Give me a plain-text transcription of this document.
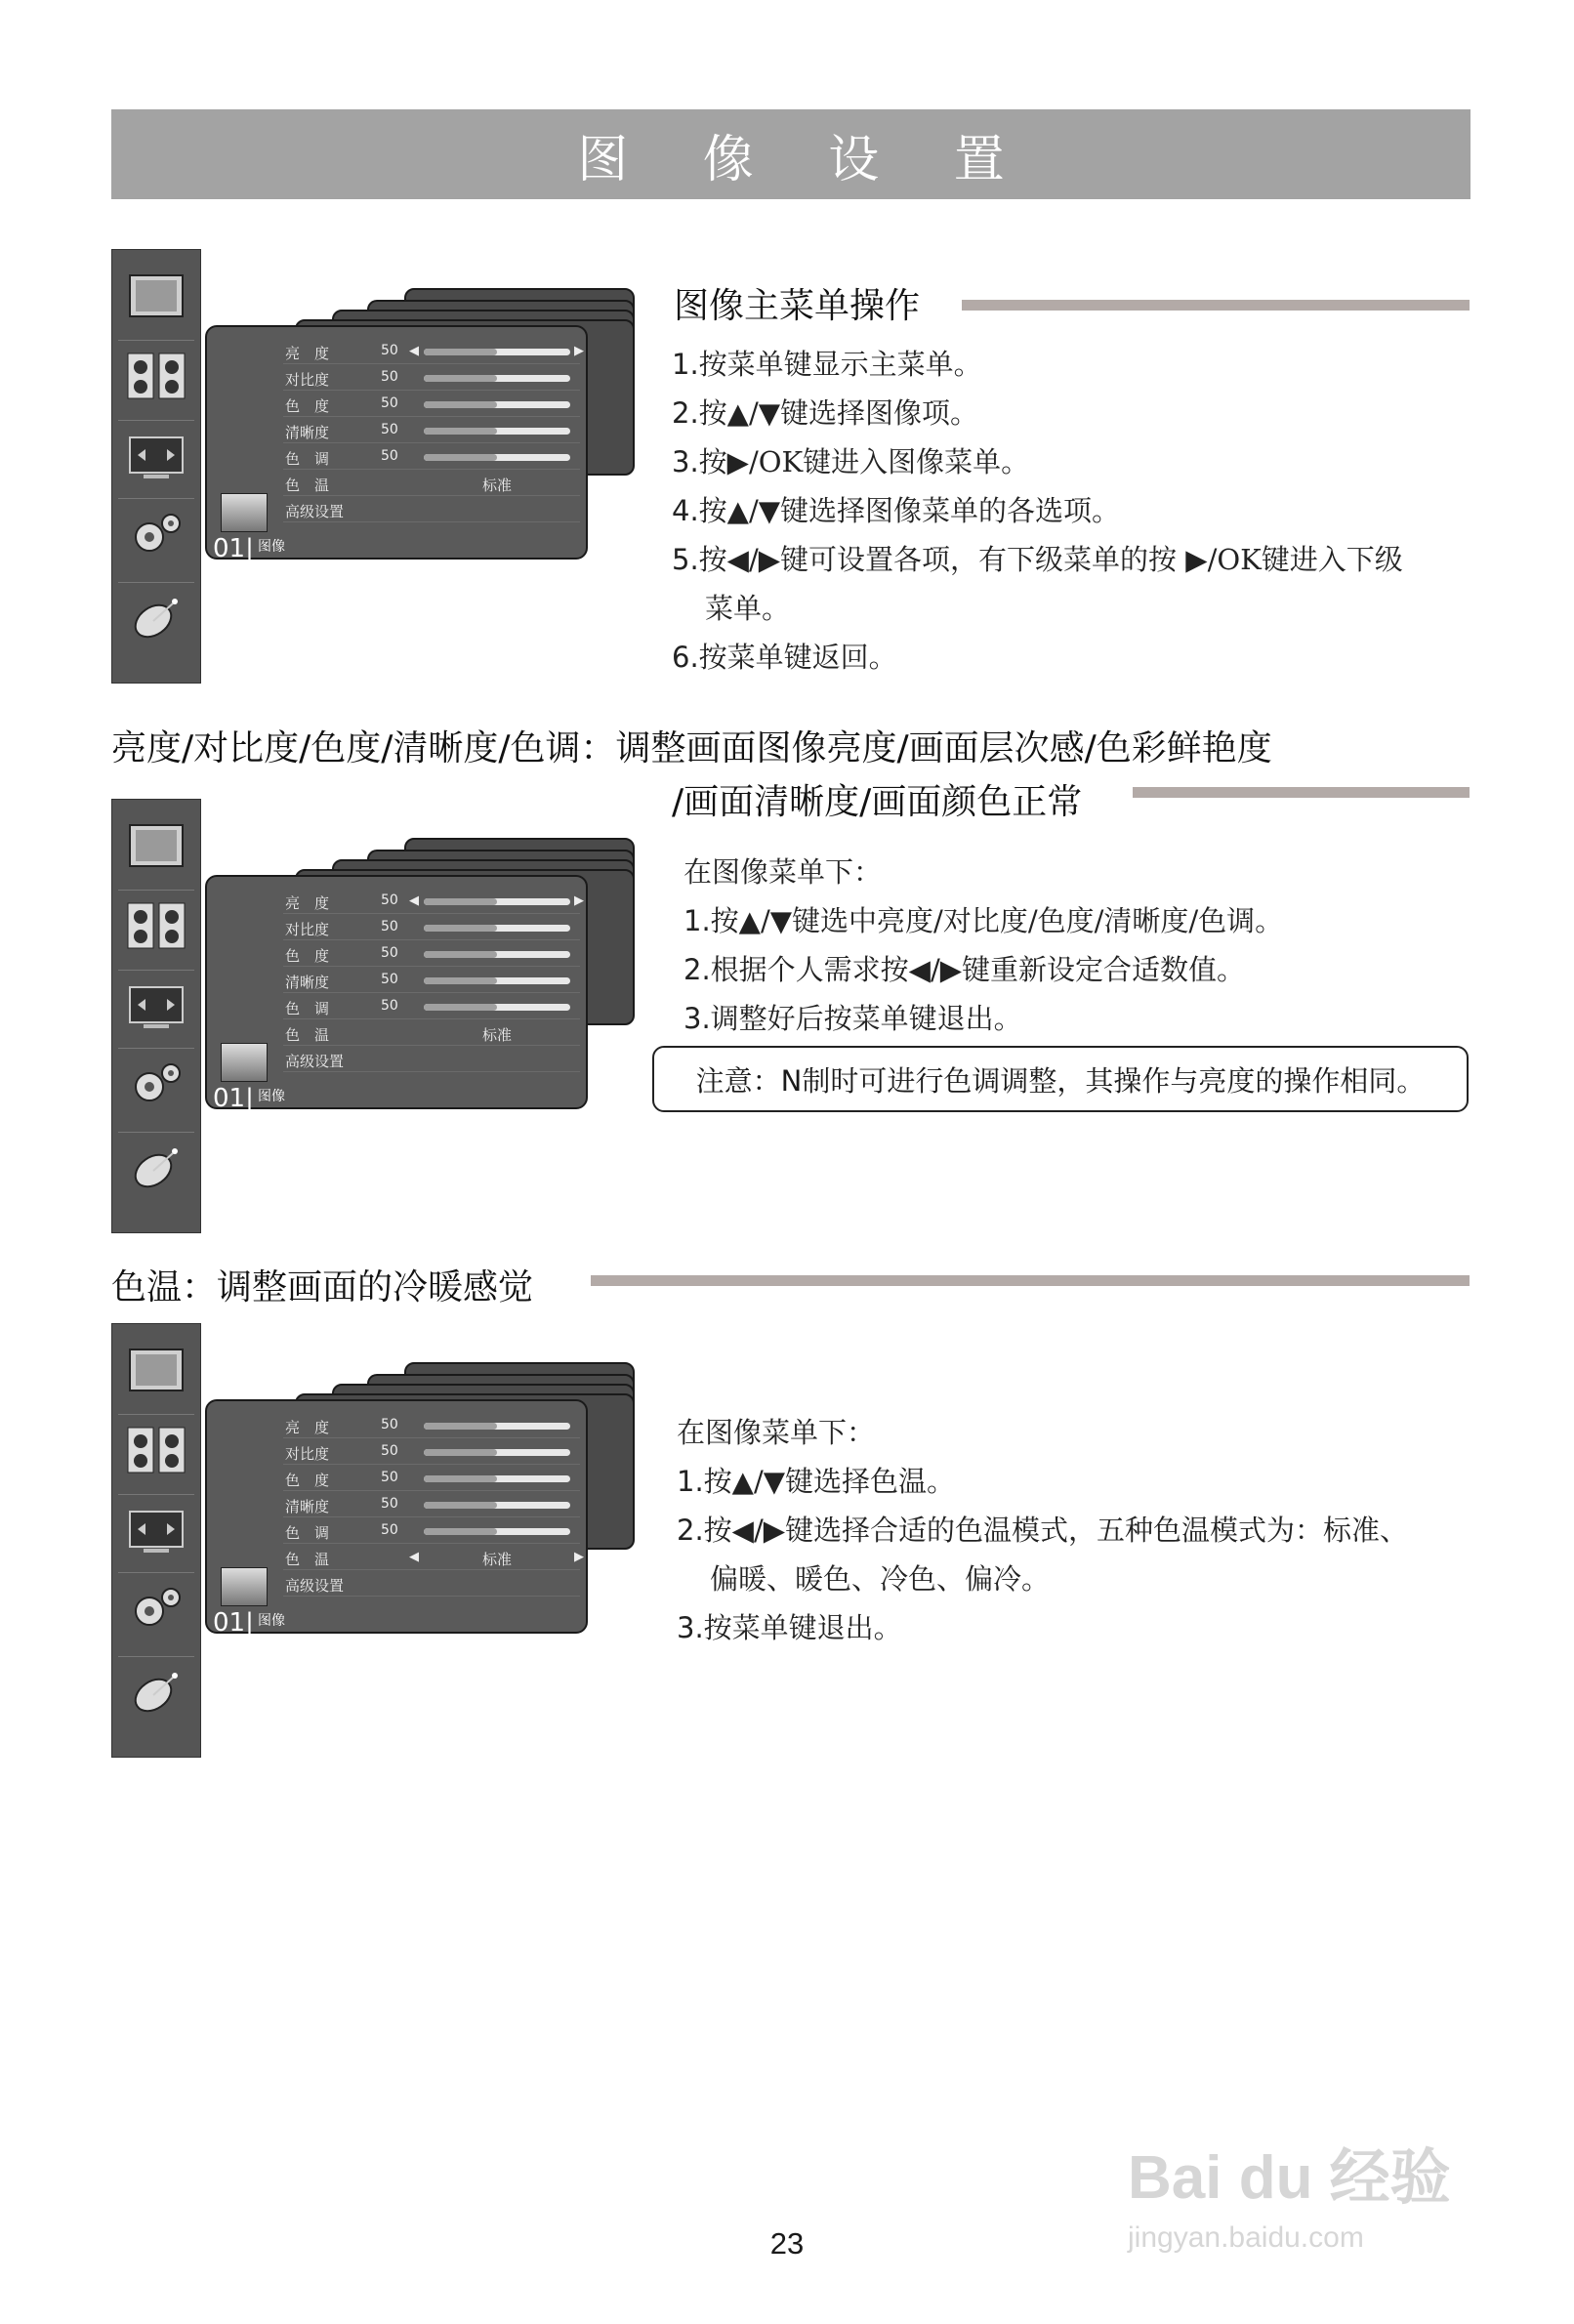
图 像 设 置
图像主菜单操作
1.按菜单键显示主菜单。
2.按▲/▼键选择图像项。
3.按▶/OK键进入图像菜单。
4.按▲/▼键选择图像菜单的各选项。
5.按◀/▶键可设置各项，有下级菜单的按 ▶/OK键进入下级
菜单。
6.按菜单键返回。
亮度/对比度/色度/清晰度/色调：调整画面图像亮度/画面层次感/色彩鲜艳度
/画面清晰度/画面颜色正常
在图像菜单下：
1.按▲/▼键选中亮度/对比度/色度/清晰度/色调。
2.根据个人需求按◀/▶键重新设定合适数值。
3.调整好后按菜单键退出。
注意：N制时可进行色调调整，其操作与亮度的操作相同。
色温：调整画面的冷暖感觉
在图像菜单下：
1.按▲/▼键选择色温。
2.按◀/▶键选择合适的色温模式，五种色温模式为：标准、
偏暖、暖色、冷色、偏冷。
3.按菜单键退出。
亮　度	50 ◀	▶
对比度	50
色　度	50
清晰度	50
色　调	50
色　温	标准
高级设置
01| 图像
亮　度	50 ◀	▶
对比度	50
色　度	50
清晰度	50
色　调	50
色　温	标准
高级设置
01| 图像
亮　度	50
对比度	50
色　度	50
清晰度	50
色　调	50
色　温	标准
◀	▶
高级设置
01| 图像
23
Bai du 经验
jingyan.baidu.com
